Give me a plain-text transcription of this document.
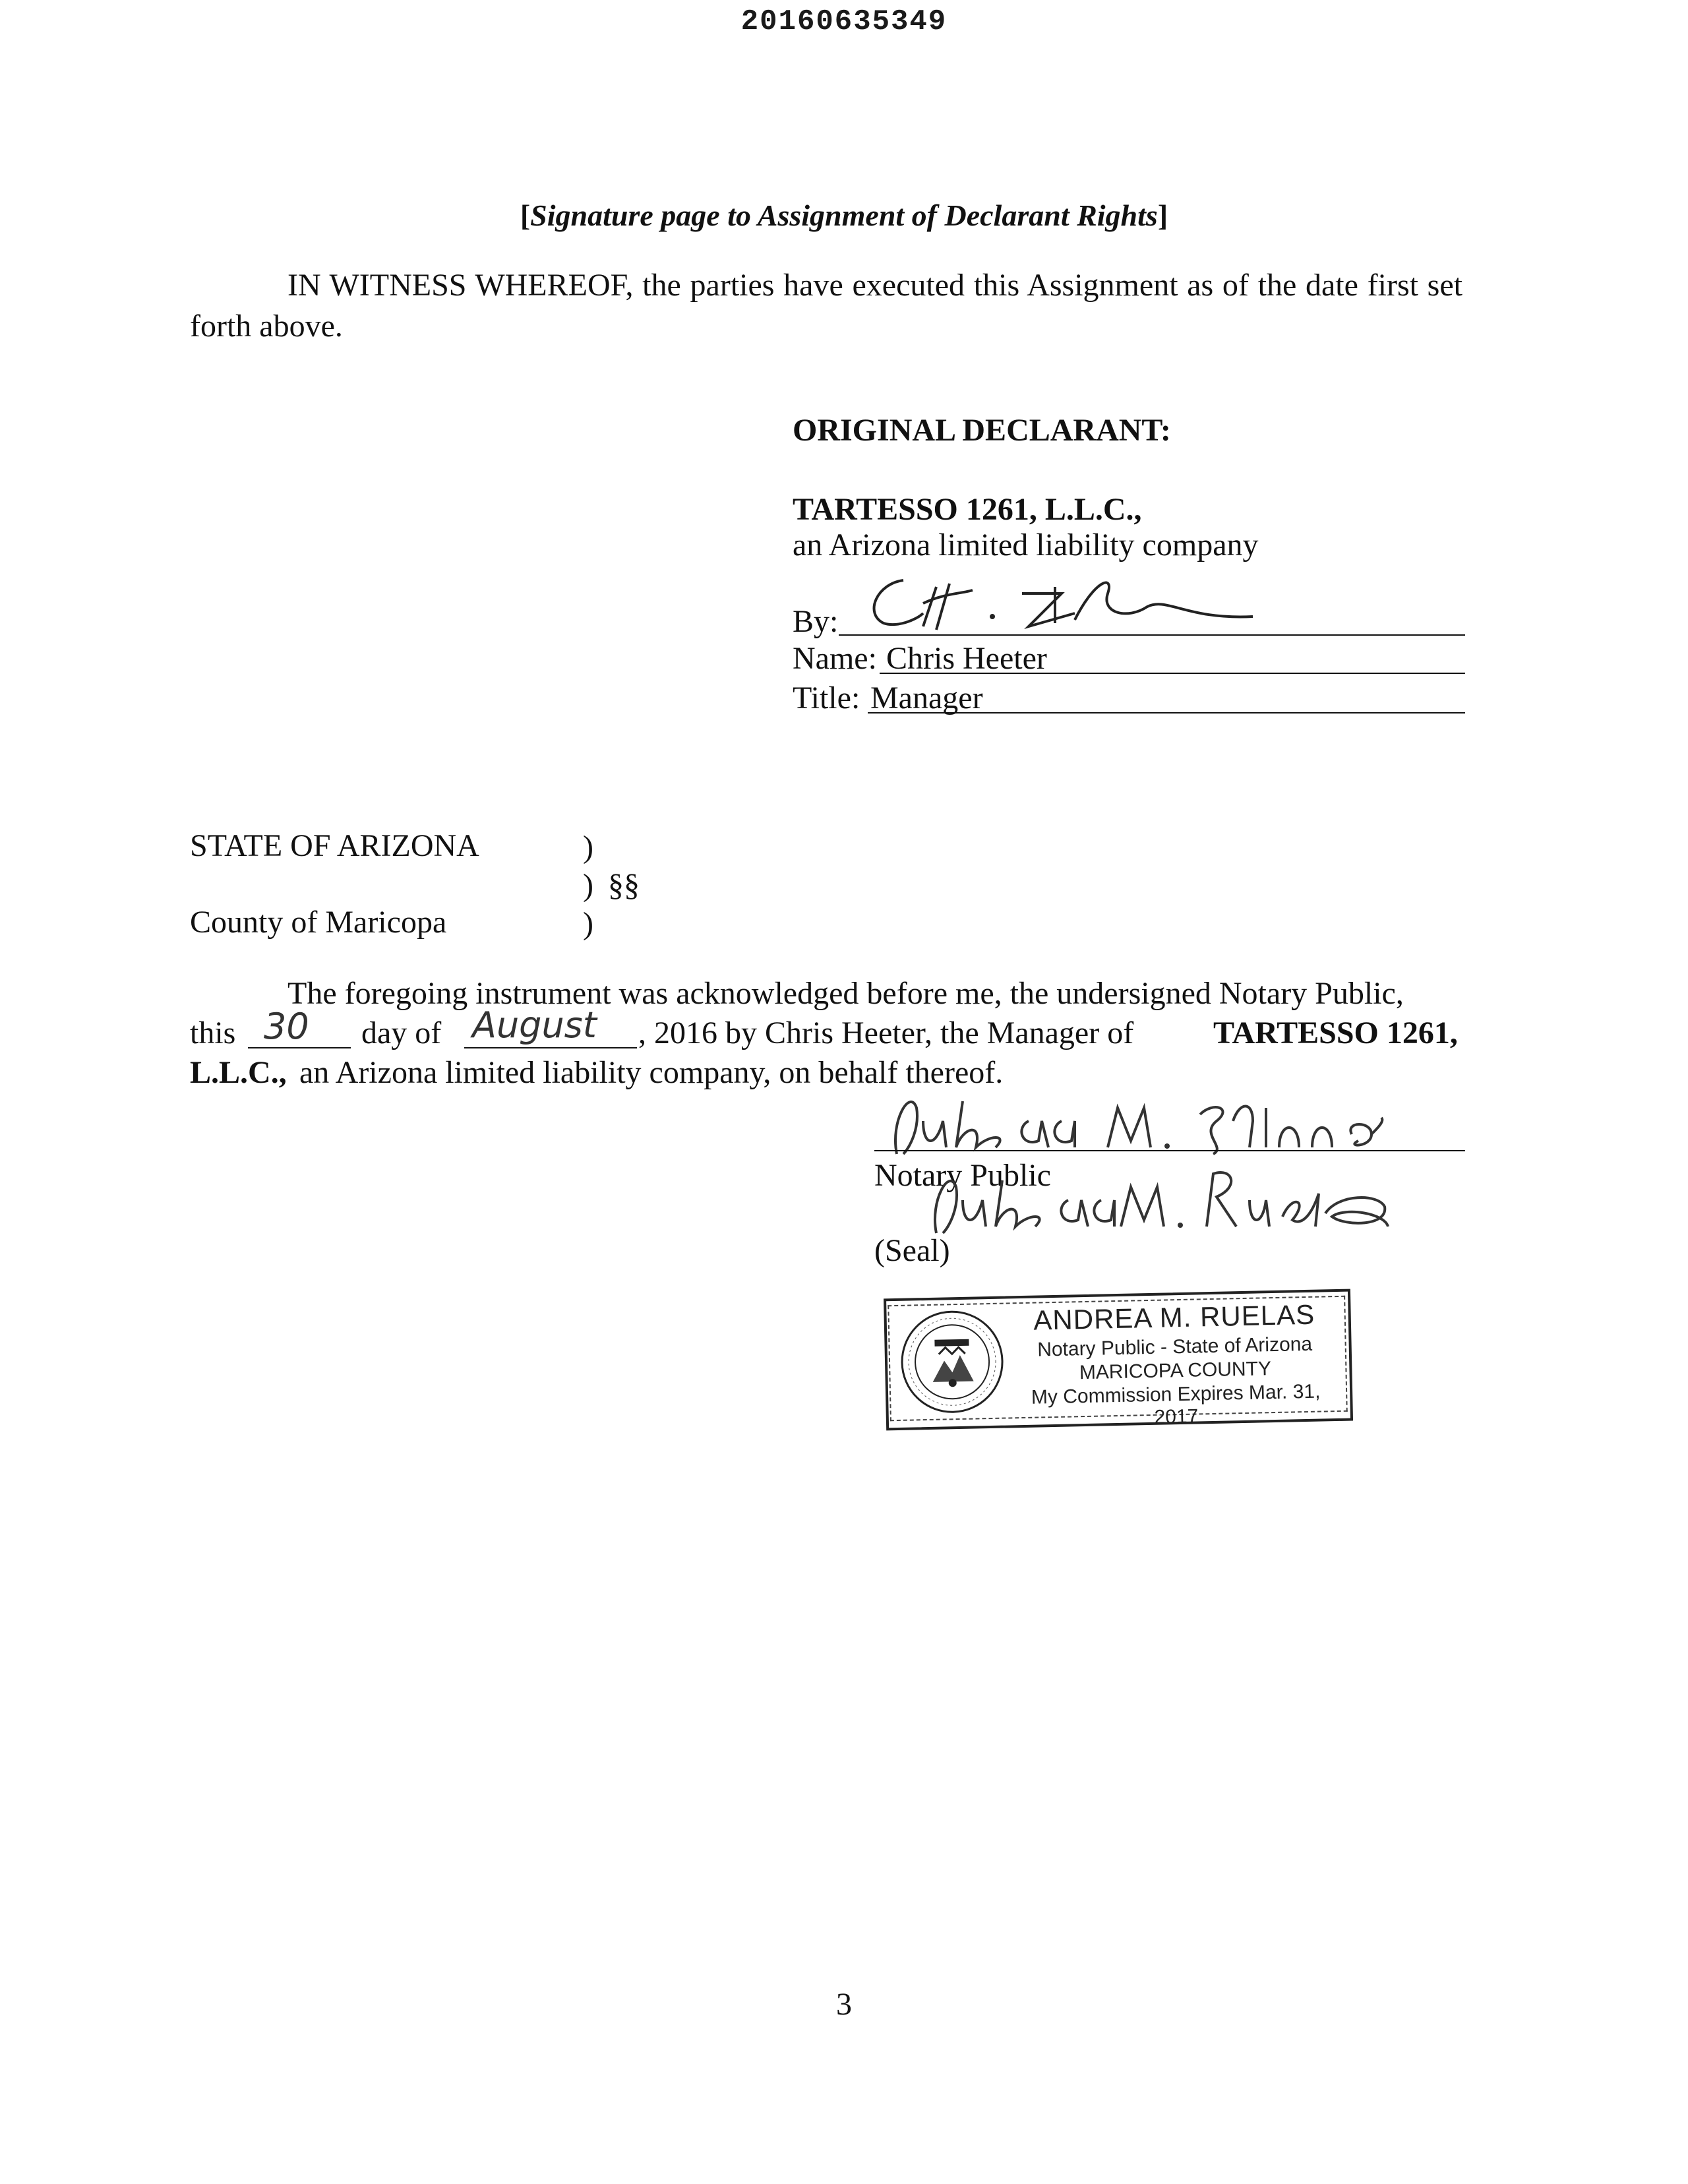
20160635349
[Signature page to Assignment of Declarant Rights]
IN WITNESS WHEREOF, the parties have executed this Assignment as of the date first set forth above.
ORIGINAL DECLARANT:
TARTESSO 1261, L.L.C.,
an Arizona limited liability company
By:
Name: Chris Heeter
Title: Manager
STATE OF ARIZONA
County of Maricopa
)
) §§
)
The foregoing instrument was acknowledged before me, the undersigned Notary Public,
this 30 day of August , 2016 by Chris Heeter, the Manager of	TARTESSO 1261,
L.L.C., an Arizona limited liability company, on behalf thereof.
Notary Public
(Seal)
ANDREA M. RUELAS
Notary Public - State of Arizona
MARICOPA COUNTY
My Commission Expires Mar. 31, 2017
3
